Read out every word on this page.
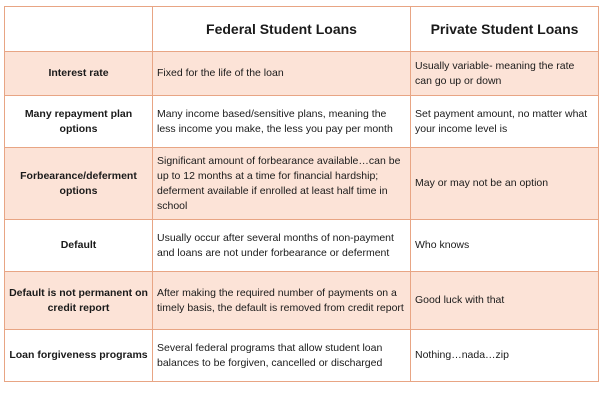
	Federal Student Loans	Private Student Loans
Interest rate	Fixed for the life of the loan	Usually variable- meaning the rate can go up or down
Many repayment plan options	Many income based/sensitive plans, meaning the less income you make, the less you pay per month	Set payment amount, no matter what your income level is
Forbearance/deferment options	Significant amount of forbearance available…can be up to 12 months at a time for financial hardship; deferment available if enrolled at least half time in school	May or may not be an option
Default	Usually occur after several months of non-payment and loans are not under forbearance or deferment	Who knows
Default is not permanent on credit report	After making the required number of payments on a timely basis, the default is removed from credit report	Good luck with that
Loan forgiveness programs	Several federal programs that allow student loan balances to be forgiven, cancelled or discharged	Nothing…nada…zip
